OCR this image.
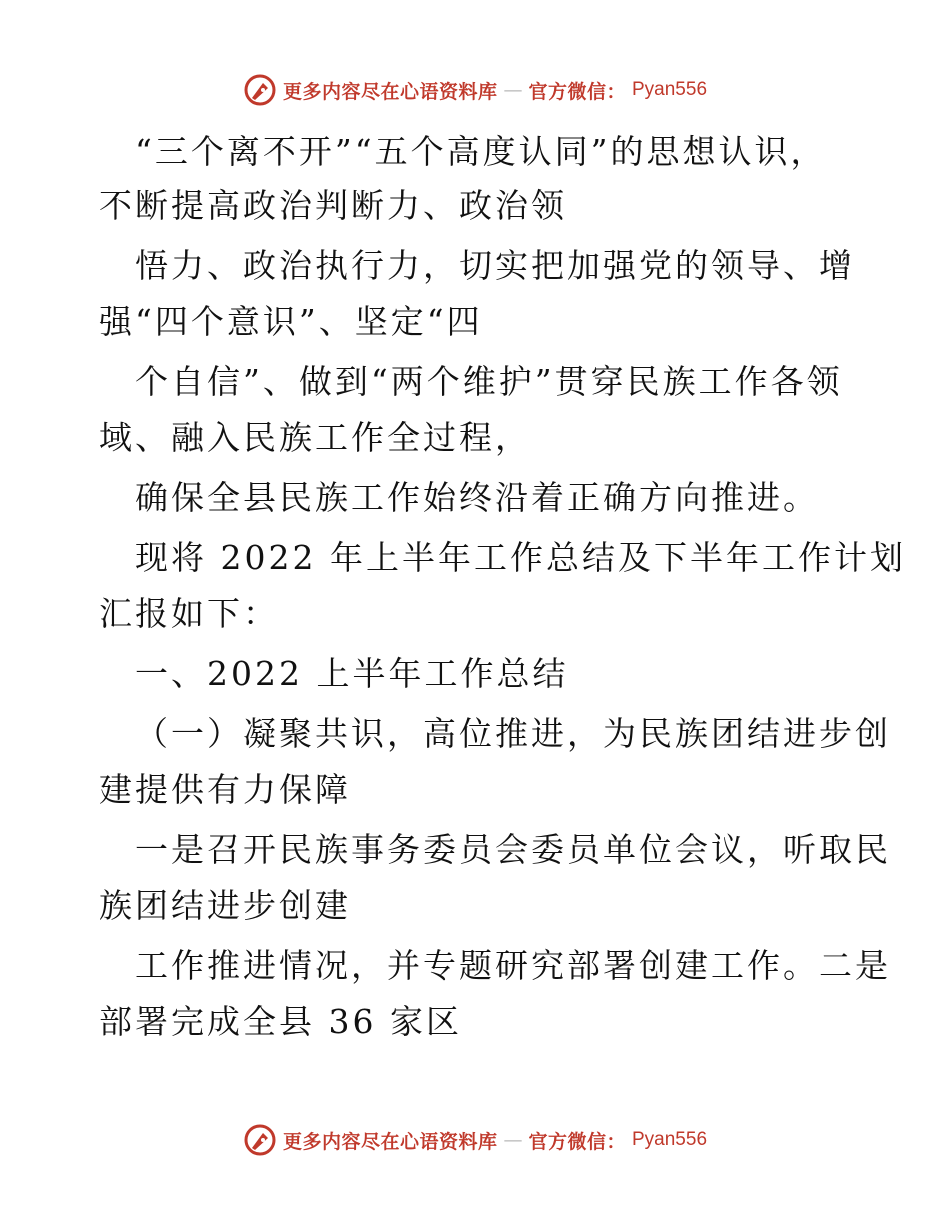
更多内容尽在心语资料库 — 官方微信： Pyan556
“三个离不开”“五个高度认同”的思想认识，
不断提高政治判断力、政治领
悟力、政治执行力，切实把加强党的领导、增
强“四个意识”、坚定“四
个自信”、做到“两个维护”贯穿民族工作各领
域、融入民族工作全过程，
确保全县民族工作始终沿着正确方向推进。
现将 2022 年上半年工作总结及下半年工作计划
汇报如下：
一、2022 上半年工作总结
（一）凝聚共识，高位推进，为民族团结进步创
建提供有力保障
一是召开民族事务委员会委员单位会议，听取民
族团结进步创建
工作推进情况，并专题研究部署创建工作。二是
部署完成全县 36 家区
更多内容尽在心语资料库 — 官方微信： Pyan556
